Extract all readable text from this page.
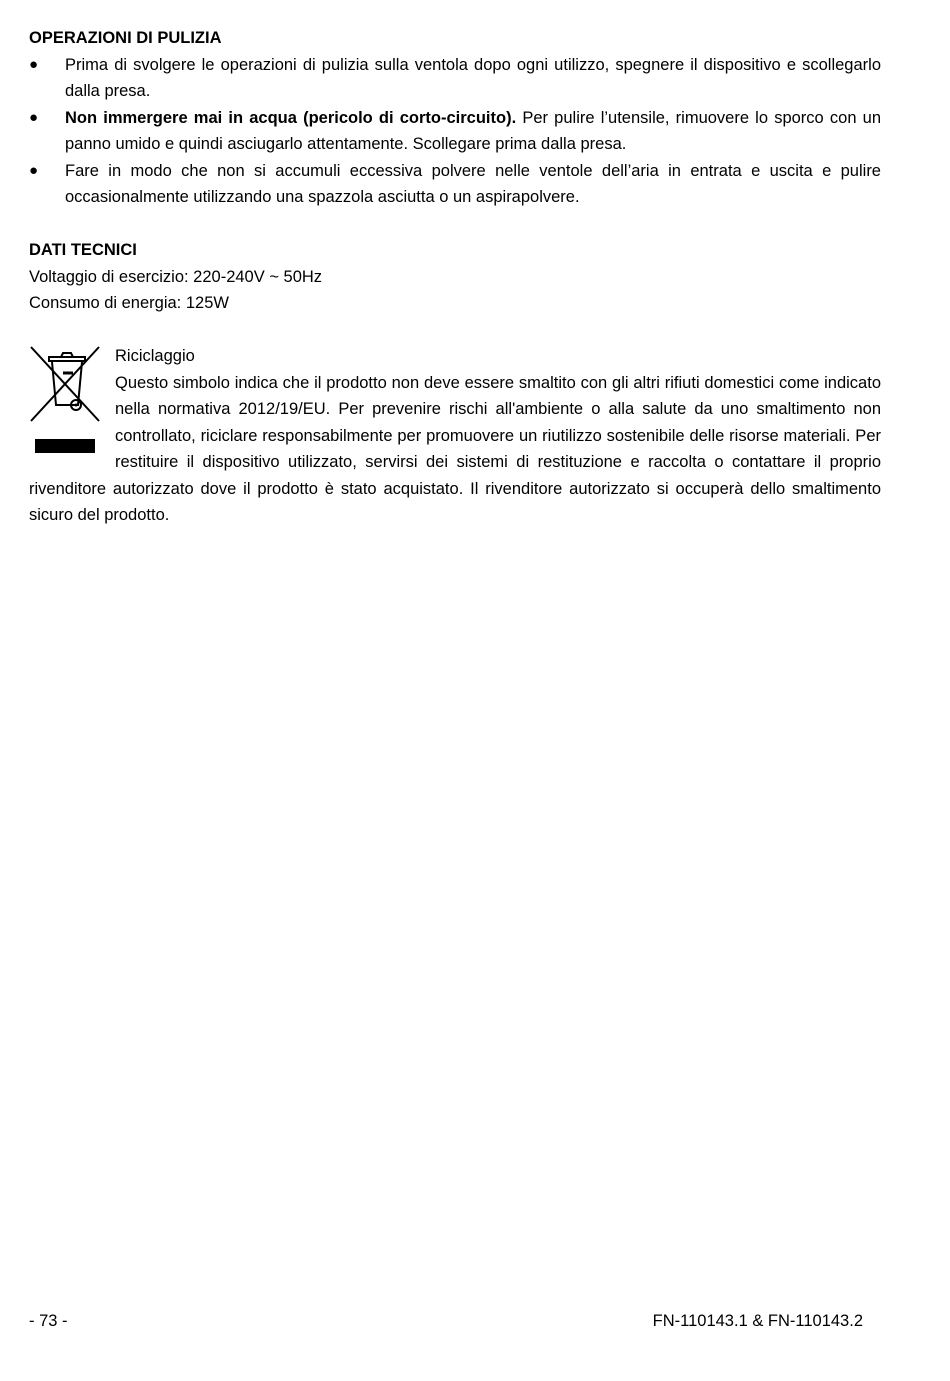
OPERAZIONI DI PULIZIA

● Prima di svolgere le operazioni di pulizia sulla ventola dopo ogni utilizzo, spegnere il dispositivo e scollegarlo dalla presa.
● Non immergere mai in acqua (pericolo di corto-circuito). Per pulire l’utensile, rimuovere lo sporco con un panno umido e quindi asciugarlo attentamente. Scollegare prima dalla presa.
● Fare in modo che non si accumuli eccessiva polvere nelle ventole dell’aria in entrata e uscita e pulire occasionalmente utilizzando una spazzola asciutta o un aspirapolvere.

DATI TECNICI

Voltaggio di esercizio: 220-240V ~ 50Hz

Consumo di energia: 125W

Riciclaggio
Questo simbolo indica che il prodotto non deve essere smaltito con gli altri rifiuti domestici come indicato nella normativa 2012/19/EU. Per prevenire rischi all'ambiente o alla salute da uno smaltimento non controllato, riciclare responsabilmente per promuovere un riutilizzo sostenibile delle risorse materiali. Per restituire il dispositivo utilizzato, servirsi dei sistemi di restituzione e raccolta o contattare il proprio rivenditore autorizzato dove il prodotto è stato acquistato. Il rivenditore autorizzato si occuperà dello smaltimento sicuro del prodotto.
- 73 -	FN-110143.1 & FN-110143.2
